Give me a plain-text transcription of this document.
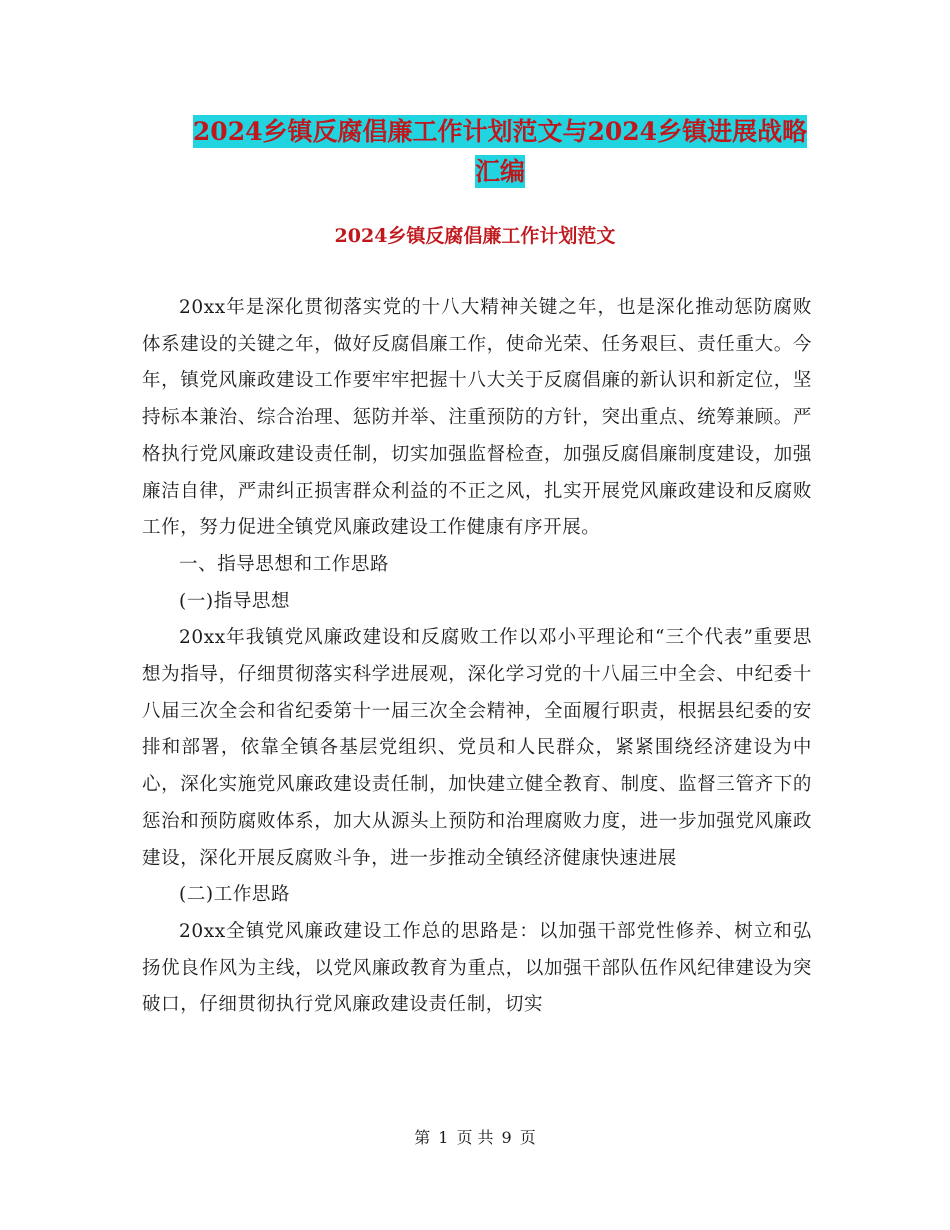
2024乡镇反腐倡廉工作计划范文与2024乡镇进展战略
汇编
2024乡镇反腐倡廉工作计划范文

20xx年是深化贯彻落实党的十八大精神关键之年，也是深化推动惩防腐败体系建设的关键之年，做好反腐倡廉工作，使命光荣、任务艰巨、责任重大。今年，镇党风廉政建设工作要牢牢把握十八大关于反腐倡廉的新认识和新定位，坚持标本兼治、综合治理、惩防并举、注重预防的方针，突出重点、统筹兼顾。严格执行党风廉政建设责任制，切实加强监督检查，加强反腐倡廉制度建设，加强廉洁自律，严肃纠正损害群众利益的不正之风，扎实开展党风廉政建设和反腐败工作，努力促进全镇党风廉政建设工作健康有序开展。

一、指导思想和工作思路

(一)指导思想

20xx年我镇党风廉政建设和反腐败工作以邓小平理论和“三个代表”重要思想为指导，仔细贯彻落实科学进展观，深化学习党的十八届三中全会、中纪委十八届三次全会和省纪委第十一届三次全会精神，全面履行职责，根据县纪委的安排和部署，依靠全镇各基层党组织、党员和人民群众，紧紧围绕经济建设为中心，深化实施党风廉政建设责任制，加快建立健全教育、制度、监督三管齐下的惩治和预防腐败体系，加大从源头上预防和治理腐败力度，进一步加强党风廉政建设，深化开展反腐败斗争，进一步推动全镇经济健康快速进展

(二)工作思路

20xx全镇党风廉政建设工作总的思路是：以加强干部党性修养、树立和弘扬优良作风为主线，以党风廉政教育为重点，以加强干部队伍作风纪律建设为突破口，仔细贯彻执行党风廉政建设责任制，切实

第 1 页 共 9 页
